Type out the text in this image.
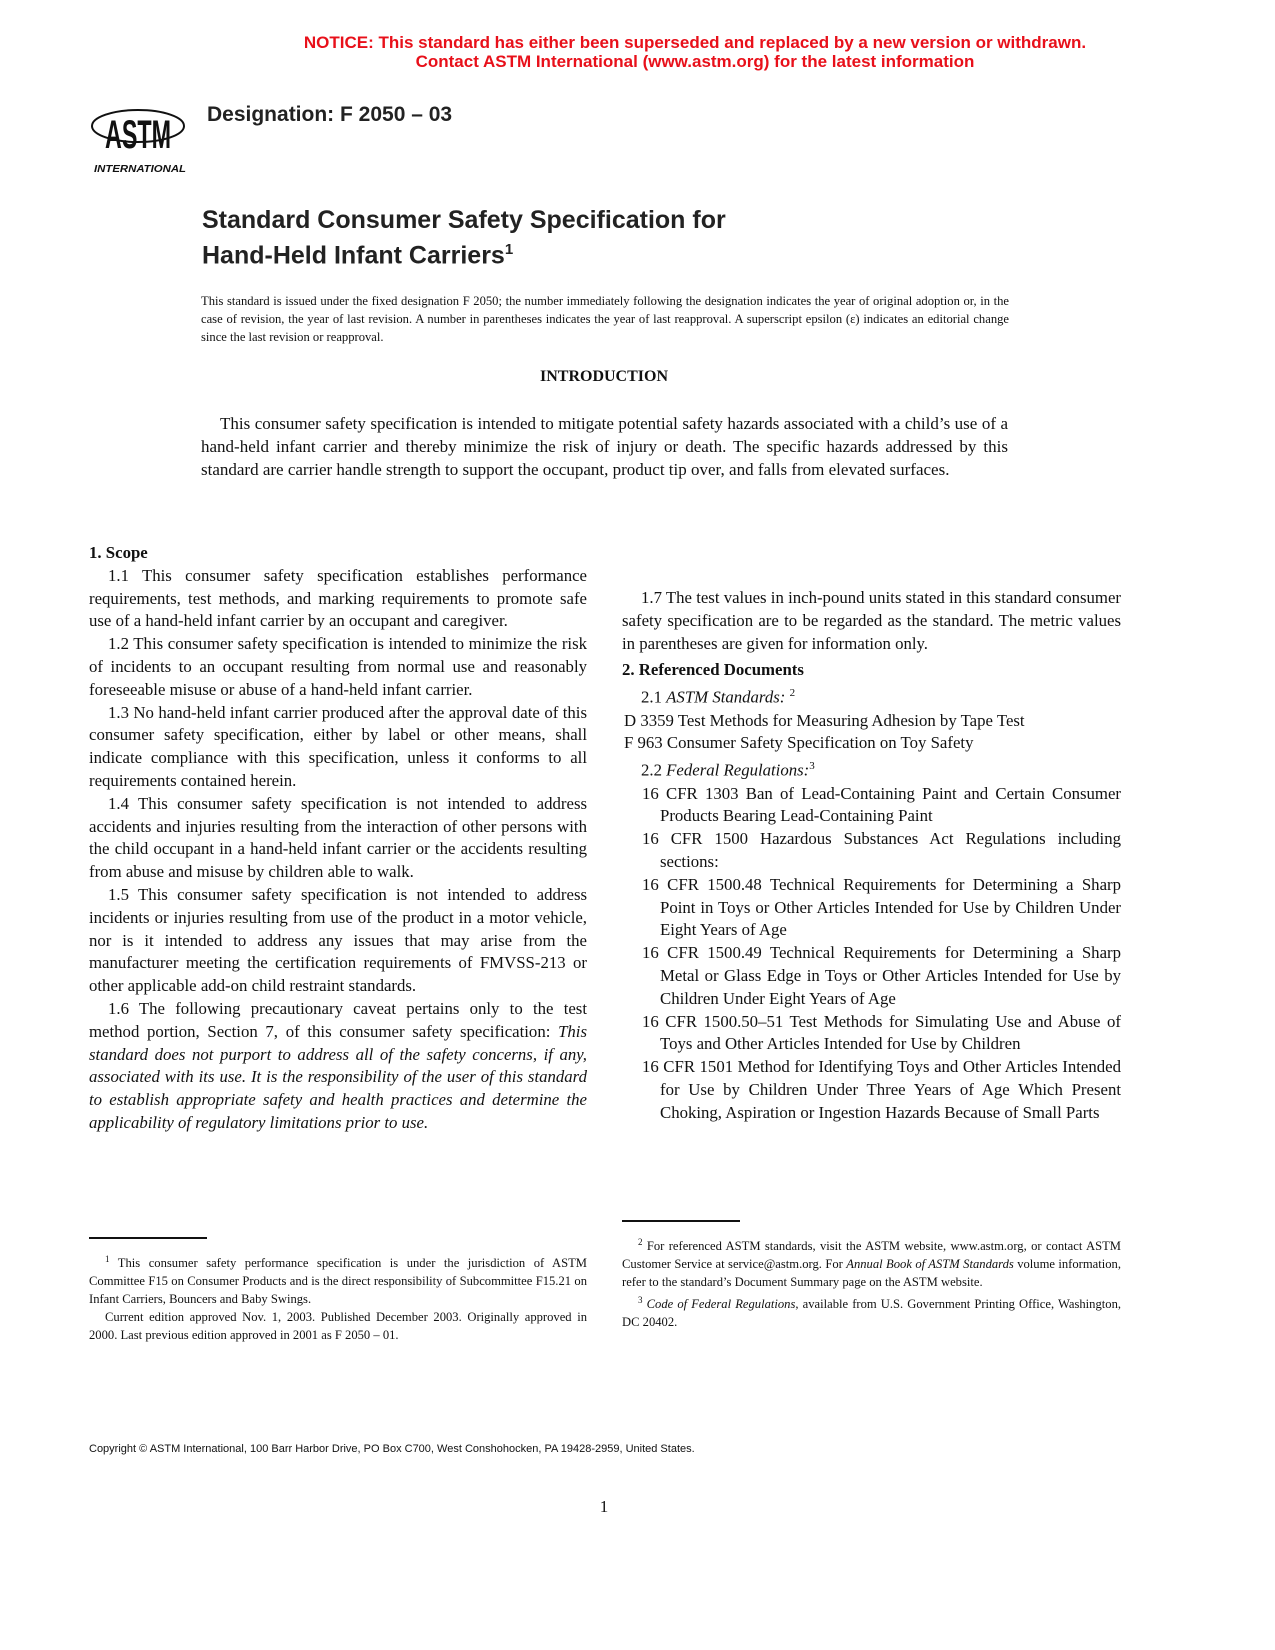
NOTICE: This standard has either been superseded and replaced by a new version or withdrawn.
Contact ASTM International (www.astm.org) for the latest information
ASTM
INTERNATIONAL
Designation: F 2050 – 03
Standard Consumer Safety Specification for
Hand-Held Infant Carriers$^1$
This standard is issued under the fixed designation F 2050; the number immediately following the designation indicates the year of original adoption or, in the case of revision, the year of last revision. A number in parentheses indicates the year of last reapproval. A superscript epsilon (ε) indicates an editorial change since the last revision or reapproval.
INTRODUCTION
This consumer safety specification is intended to mitigate potential safety hazards associated with a child’s use of a hand-held infant carrier and thereby minimize the risk of injury or death. The specific hazards addressed by this standard are carrier handle strength to support the occupant, product tip over, and falls from elevated surfaces.

1. Scope

1.1 This consumer safety specification establishes performance requirements, test methods, and marking requirements to promote safe use of a hand-held infant carrier by an occupant and caregiver.

1.2 This consumer safety specification is intended to minimize the risk of incidents to an occupant resulting from normal use and reasonably foreseeable misuse or abuse of a hand-held infant carrier.

1.3 No hand-held infant carrier produced after the approval date of this consumer safety specification, either by label or other means, shall indicate compliance with this specification, unless it conforms to all requirements contained herein.

1.4 This consumer safety specification is not intended to address accidents and injuries resulting from the interaction of other persons with the child occupant in a hand-held infant carrier or the accidents resulting from abuse and misuse by children able to walk.

1.5 This consumer safety specification is not intended to address incidents or injuries resulting from use of the product in a motor vehicle, nor is it intended to address any issues that may arise from the manufacturer meeting the certification requirements of FMVSS-213 or other applicable add-on child restraint standards.

1.6 The following precautionary caveat pertains only to the test method portion, Section 7, of this consumer safety specification: This standard does not purport to address all of the safety concerns, if any, associated with its use. It is the responsibility of the user of this standard to establish appropriate safety and health practices and determine the applicability of regulatory limitations prior to use.

1.7 The test values in inch-pound units stated in this standard consumer safety specification are to be regarded as the standard. The metric values in parentheses are given for information only.

2. Referenced Documents

2.1 ASTM Standards: $^2$

D 3359 Test Methods for Measuring Adhesion by Tape Test

F 963 Consumer Safety Specification on Toy Safety

2.2 Federal Regulations:$^3$

16 CFR 1303 Ban of Lead-Containing Paint and Certain Consumer Products Bearing Lead-Containing Paint

16 CFR 1500 Hazardous Substances Act Regulations including sections:

16 CFR 1500.48 Technical Requirements for Determining a Sharp Point in Toys or Other Articles Intended for Use by Children Under Eight Years of Age

16 CFR 1500.49 Technical Requirements for Determining a Sharp Metal or Glass Edge in Toys or Other Articles Intended for Use by Children Under Eight Years of Age

16 CFR 1500.50–51 Test Methods for Simulating Use and Abuse of Toys and Other Articles Intended for Use by Children

16 CFR 1501 Method for Identifying Toys and Other Articles Intended for Use by Children Under Three Years of Age Which Present Choking, Aspiration or Ingestion Hazards Because of Small Parts

$^1$ This consumer safety performance specification is under the jurisdiction of ASTM Committee F15 on Consumer Products and is the direct responsibility of Subcommittee F15.21 on Infant Carriers, Bouncers and Baby Swings.

Current edition approved Nov. 1, 2003. Published December 2003. Originally approved in 2000. Last previous edition approved in 2001 as F 2050 – 01.

$^2$ For referenced ASTM standards, visit the ASTM website, www.astm.org, or contact ASTM Customer Service at service@astm.org. For Annual Book of ASTM Standards volume information, refer to the standard’s Document Summary page on the ASTM website.

$^3$ Code of Federal Regulations, available from U.S. Government Printing Office, Washington, DC 20402.

Copyright © ASTM International, 100 Barr Harbor Drive, PO Box C700, West Conshohocken, PA 19428-2959, United States.
1
